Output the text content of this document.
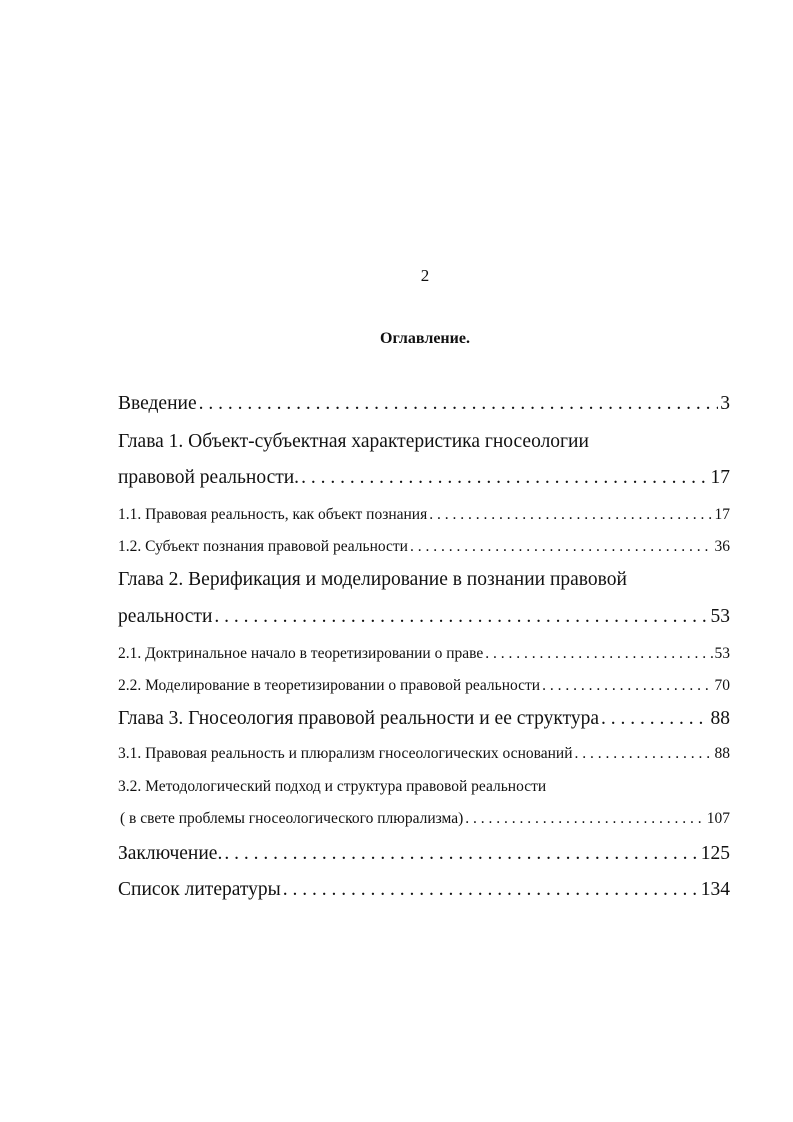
2
Оглавление.
Введение . . .	3
Глава 1. Объект-субъектная характеристика гносеологии
правовой реальности. . . .	17
1.1. Правовая реальность, как объект познания . . .	17
1.2. Субъект познания правовой реальности . . .	36
Глава 2. Верификация и моделирование в познании правовой
реальности . . .	53
2.1. Доктринальное начало в теоретизировании о праве . . .	53
2.2. Моделирование в теоретизировании о правовой реальности . . .	70
Глава 3. Гносеология правовой реальности и ее структура . . .	88
3.1. Правовая реальность и плюрализм гносеологических оснований . . .	88
3.2. Методологический подход и структура правовой реальности
( в свете проблемы гносеологического плюрализма) . . .	107
Заключение. . . .	125
Список литературы . . .	134
